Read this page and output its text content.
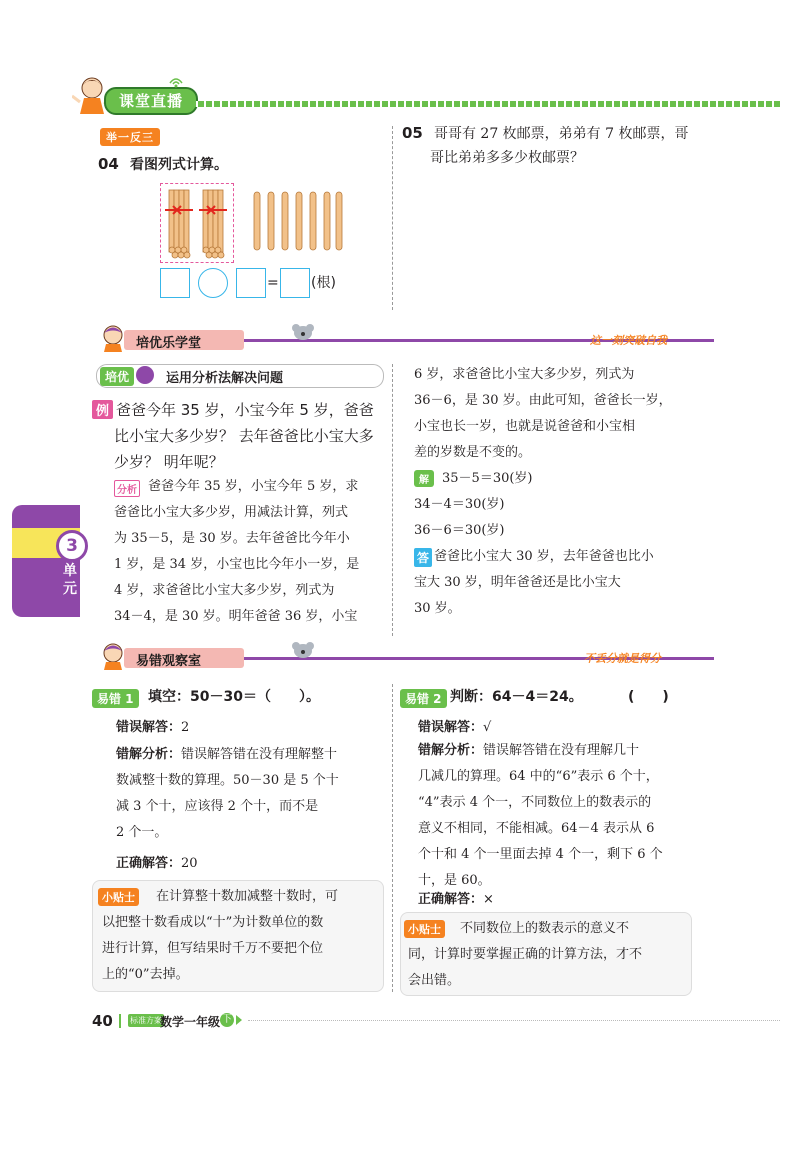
课堂直播
举一反三
04 看图列式计算。
= (根)
05 哥哥有 27 枚邮票，弟弟有 7 枚邮票，哥
哥比弟弟多多少枚邮票？
培优乐学堂	这一刻突破自我
培优	运用分析法解决问题
例 爸爸今年 35 岁，小宝今年 5 岁，爸爸
比小宝大多少岁？ 去年爸爸比小宝大多
少岁？ 明年呢？
分析 爸爸今年 35 岁，小宝今年 5 岁，求
爸爸比小宝大多少岁，用减法计算，列式
为 35－5，是 30 岁。去年爸爸比今年小
1 岁，是 34 岁，小宝也比今年小一岁，是
4 岁，求爸爸比小宝大多少岁，列式为
34－4，是 30 岁。明年爸爸 36 岁，小宝
3
单元
6 岁，求爸爸比小宝大多少岁，列式为
36－6，是 30 岁。由此可知，爸爸长一岁，
小宝也长一岁，也就是说爸爸和小宝相
差的岁数是不变的。
解	35－5＝30(岁)
34－4＝30(岁)
36－6＝30(岁)
答 爸爸比小宝大 30 岁，去年爸爸也比小
宝大 30 岁，明年爸爸还是比小宝大
30 岁。
易错观察室	不丢分就是得分
易错 1	填空：50－30＝（　　）。
错误解答：2
错解分析：错误解答错在没有理解整十
数减整十数的算理。50－30 是 5 个十
减 3 个十，应该得 2 个十，而不是
2 个一。
正确解答：20
小贴士	在计算整十数加减整十数时，可
以把整十数看成以“十”为计数单位的数
进行计算，但写结果时千万不要把个位
上的“0”去掉。
易错 2 判断：64－4＝24。	(　　)
错误解答：√
错解分析：错误解答错在没有理解几十
几减几的算理。64 中的“6”表示 6 个十，
“4”表示 4 个一，不同数位上的数表示的
意义不相同，不能相减。64－4 表示从 6
个十和 4 个一里面去掉 4 个一，剩下 6 个
十，是 60。
正确解答：×
小贴士	不同数位上的数表示的意义不
同，计算时要掌握正确的计算方法，才不
会出错。
40 标准方案
数学一年级 下
